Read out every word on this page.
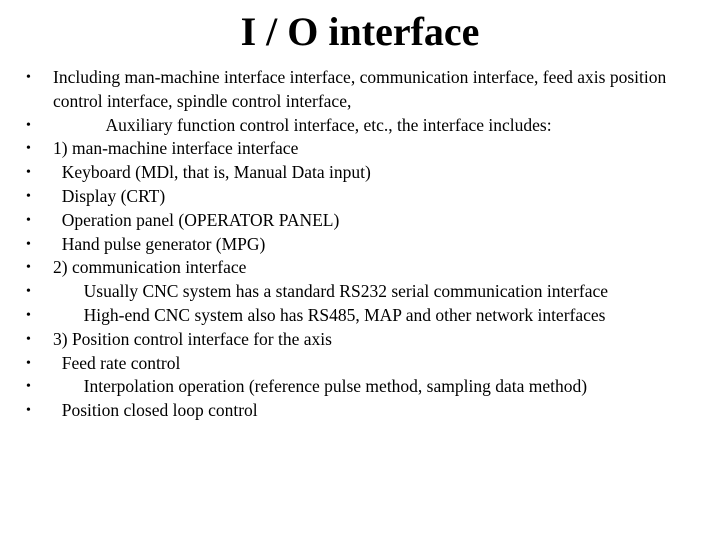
I / O interface
•	Including man-machine interface interface, communication interface, feed axis position control interface, spindle control interface,
•	Auxiliary function control interface, etc., the interface includes:
•	1) man-machine interface interface
•	Keyboard (MDl, that is, Manual Data input)
•	Display (CRT)
•	Operation panel (OPERATOR PANEL)
•	Hand pulse generator (MPG)
•	2) communication interface
•	Usually CNC system has a standard RS232 serial communication interface
•	High-end CNC system also has RS485, MAP and other network interfaces
•	3) Position control interface for the axis
•	Feed rate control
•	Interpolation operation (reference pulse method, sampling data method)
•	Position closed loop control
